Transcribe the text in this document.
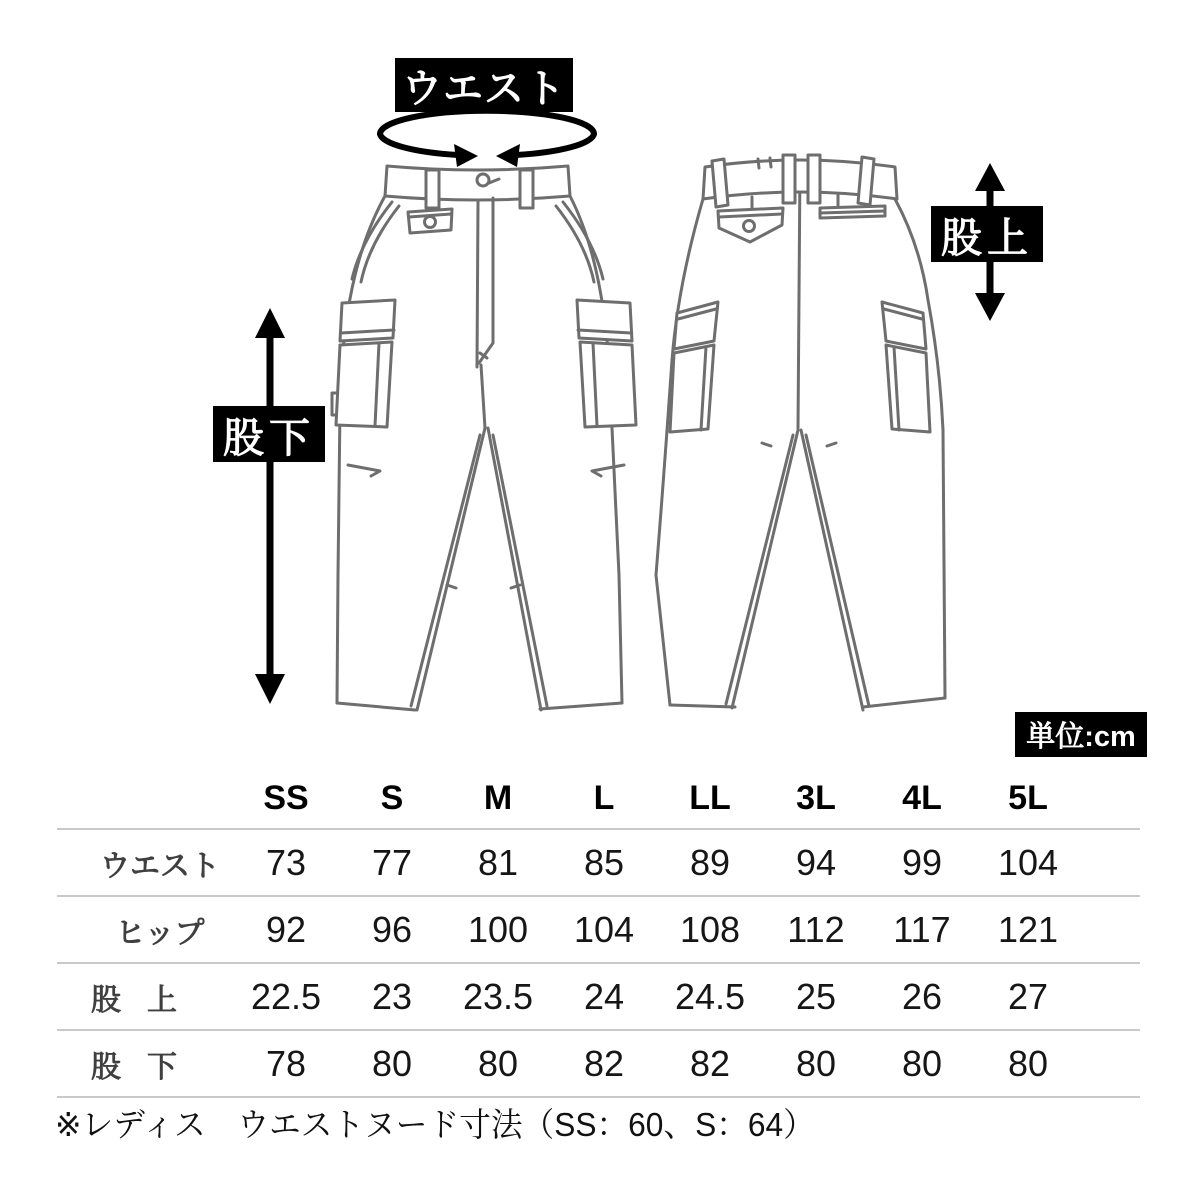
ウエスト
股上
股下
単位:cm
SS	S	M	L	LL	3L	4L	5L
ウエスト	73	77	81	85	89	94	99	104
ヒップ	92	96	100	104	108	112	117	121
股上	22.5	23	23.5	24	24.5	25	26	27
股下	78	80	80	82	82	80	80	80
※レディス　ウエストヌード寸法（SS：60、S：64）
